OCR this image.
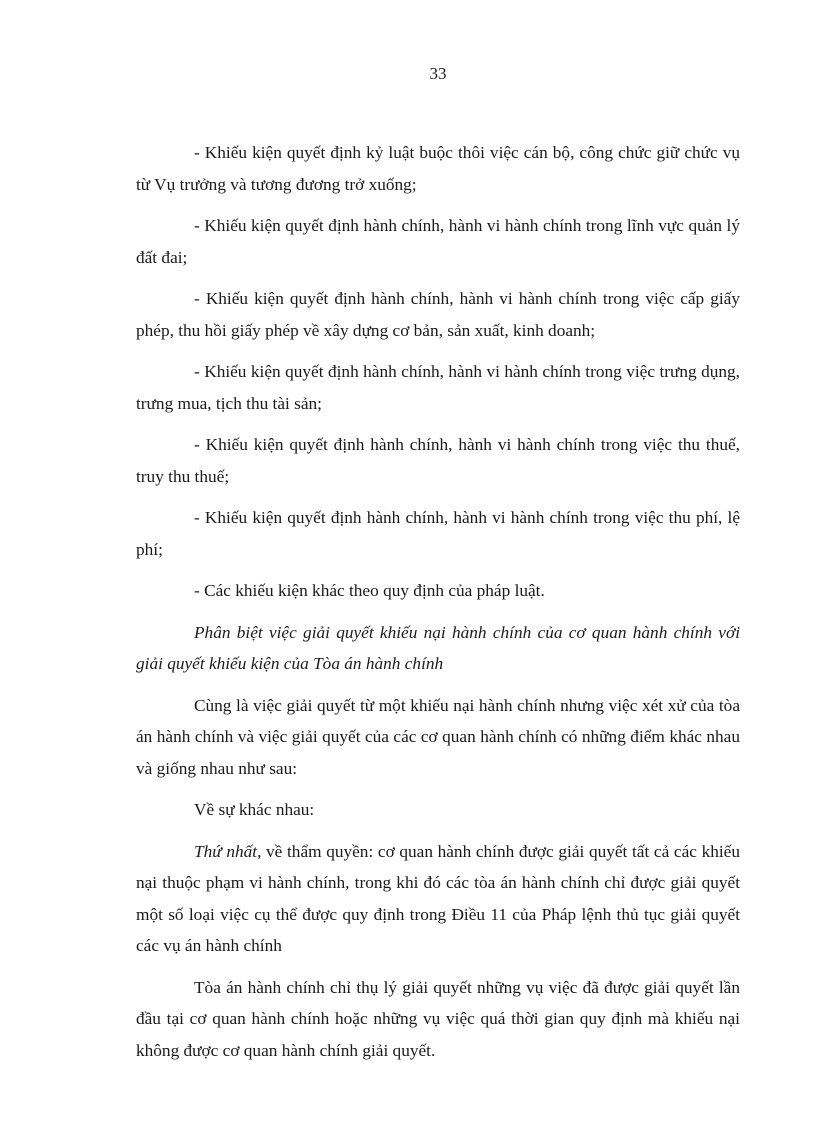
33

- Khiếu kiện quyết định kỷ luật buộc thôi việc cán bộ, công chức giữ chức vụ từ Vụ trưởng và tương đương trở xuống;

- Khiếu kiện quyết định hành chính, hành vi hành chính trong lĩnh vực quản lý đất đai;

- Khiếu kiện quyết định hành chính, hành vi hành chính trong việc cấp giấy phép, thu hồi giấy phép về xây dựng cơ bản, sản xuất, kinh doanh;

- Khiếu kiện quyết định hành chính, hành vi hành chính trong việc trưng dụng, trưng mua, tịch thu tài sản;

- Khiếu kiện quyết định hành chính, hành vi hành chính trong việc thu thuế, truy thu thuế;

- Khiếu kiện quyết định hành chính, hành vi hành chính trong việc thu phí, lệ phí;

- Các khiếu kiện khác theo quy định của pháp luật.

Phân biệt việc giải quyết khiếu nại hành chính của cơ quan hành chính với giải quyết khiếu kiện của Tòa án hành chính

Cùng là việc giải quyết từ một khiếu nại hành chính nhưng việc xét xử của tòa án hành chính và việc giải quyết của các cơ quan hành chính có những điểm khác nhau và giống nhau như sau:

Về sự khác nhau:

Thứ nhất, về thẩm quyền: cơ quan hành chính được giải quyết tất cả các khiếu nại thuộc phạm vi hành chính, trong khi đó các tòa án hành chính chỉ được giải quyết một số loại việc cụ thể được quy định trong Điều 11 của Pháp lệnh thủ tục giải quyết các vụ án hành chính

Tòa án hành chính chỉ thụ lý giải quyết những vụ việc đã được giải quyết lần đầu tại cơ quan hành chính hoặc những vụ việc quá thời gian quy định mà khiếu nại không được cơ quan hành chính giải quyết.
